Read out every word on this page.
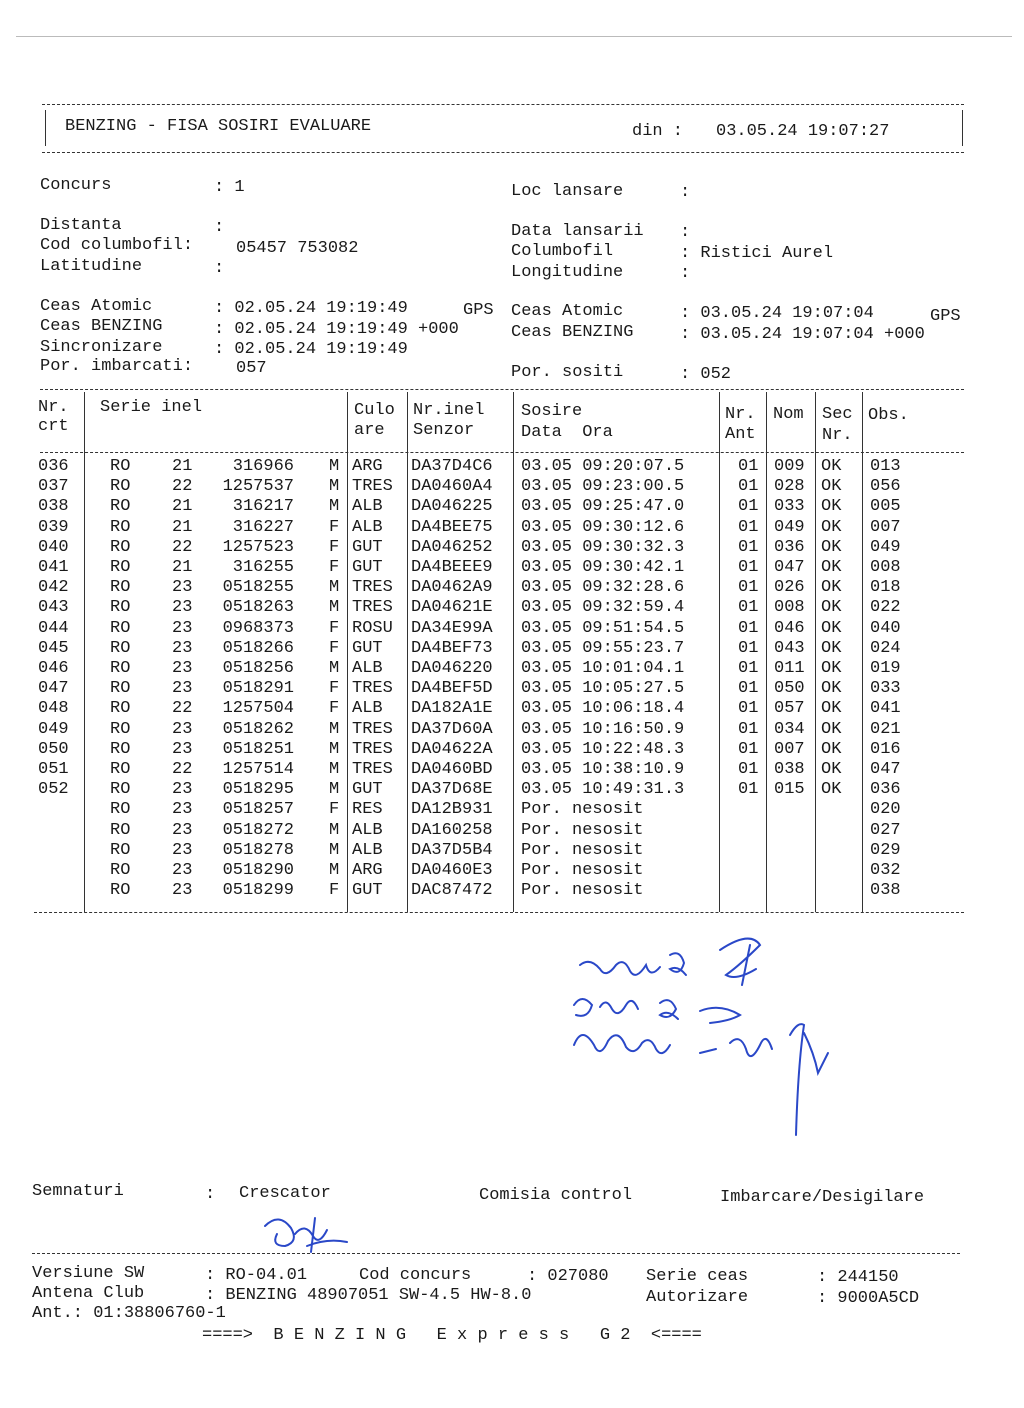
BENZING - FISA SOSIRI EVALUARE	din : 03.05.24 19:07:27
Concurs	: 1
Distanta	:
Cod columbofil:	05457 753082
Latitudine	:
Ceas Atomic	: 02.05.24 19:19:49	GPS
Ceas BENZING	: 02.05.24 19:19:49 +000
Sincronizare	: 02.05.24 19:19:49
Por. imbarcati:	057
Loc lansare	:
Data lansarii :
Columbofil	: Ristici Aurel
Longitudine	:
Ceas Atomic	: 03.05.24 19:07:04	GPS
Ceas BENZING	: 03.05.24 19:07:04 +000
Por. sositi	: 052
Nr.
crt
Serie inel	Culo
are
Nr.inel
Senzor
Sosire
Data  Ora
Nr.
Ant
Nom Sec
Nr.
Obs.
036 RO 21 316966 M ARG DA37D4C6 03.05 09:20:07.5	01 009 OK 013
037 RO 22 1257537 M TRES DA0460A4 03.05 09:23:00.5	01 028 OK 056
038 RO 21 316217 M ALB DA046225 03.05 09:25:47.0	01 033 OK 005
039 RO 21 316227 F ALB DA4BEE75 03.05 09:30:12.6	01 049 OK 007
040 RO 22 1257523 F GUT DA046252 03.05 09:30:32.3	01 036 OK 049
041 RO 21 316255 F GUT DA4BEEE9 03.05 09:30:42.1	01 047 OK 008
042 RO 23 0518255 M TRES DA0462A9 03.05 09:32:28.6	01 026 OK 018
043 RO 23 0518263 M TRES DA04621E 03.05 09:32:59.4	01 008 OK 022
044 RO 23 0968373 F ROSU DA34E99A 03.05 09:51:54.5	01 046 OK 040
045 RO 23 0518266 F GUT DA4BEF73 03.05 09:55:23.7	01 043 OK 024
046 RO 23 0518256 M ALB DA046220 03.05 10:01:04.1	01 011 OK 019
047 RO 23 0518291 F TRES DA4BEF5D 03.05 10:05:27.5	01 050 OK 033
048 RO 22 1257504 F ALB DA182A1E 03.05 10:06:18.4	01 057 OK 041
049 RO 23 0518262 M TRES DA37D60A 03.05 10:16:50.9	01 034 OK 021
050 RO 23 0518251 M TRES DA04622A 03.05 10:22:48.3	01 007 OK 016
051 RO 22 1257514 M TRES DA0460BD 03.05 10:38:10.9	01 038 OK 047
052 RO 23 0518295 M GUT DA37D68E 03.05 10:49:31.3	01 015 OK 036
RO 23 0518257 F RES DA12B931 Por. nesosit	020
RO 23 0518272 M ALB DA160258 Por. nesosit	027
RO 23 0518278 M ALB DA37D5B4 Por. nesosit	029
RO 23 0518290 M ARG DA0460E3 Por. nesosit	032
RO 23 0518299 F GUT DAC87472 Por. nesosit	038
Semnaturi	: Crescator	Comisia control	Imbarcare/Desigilare
Versiune SW	: RO-04.01	Cod concurs	: 027080 Serie ceas	: 244150
Antena Club	: BENZING 48907051 SW-4.5 HW-8.0	Autorizare	: 9000A5CD
Ant.: 01:38806760-1
====>  B E N Z I N G   E x p r e s s   G 2  <====
